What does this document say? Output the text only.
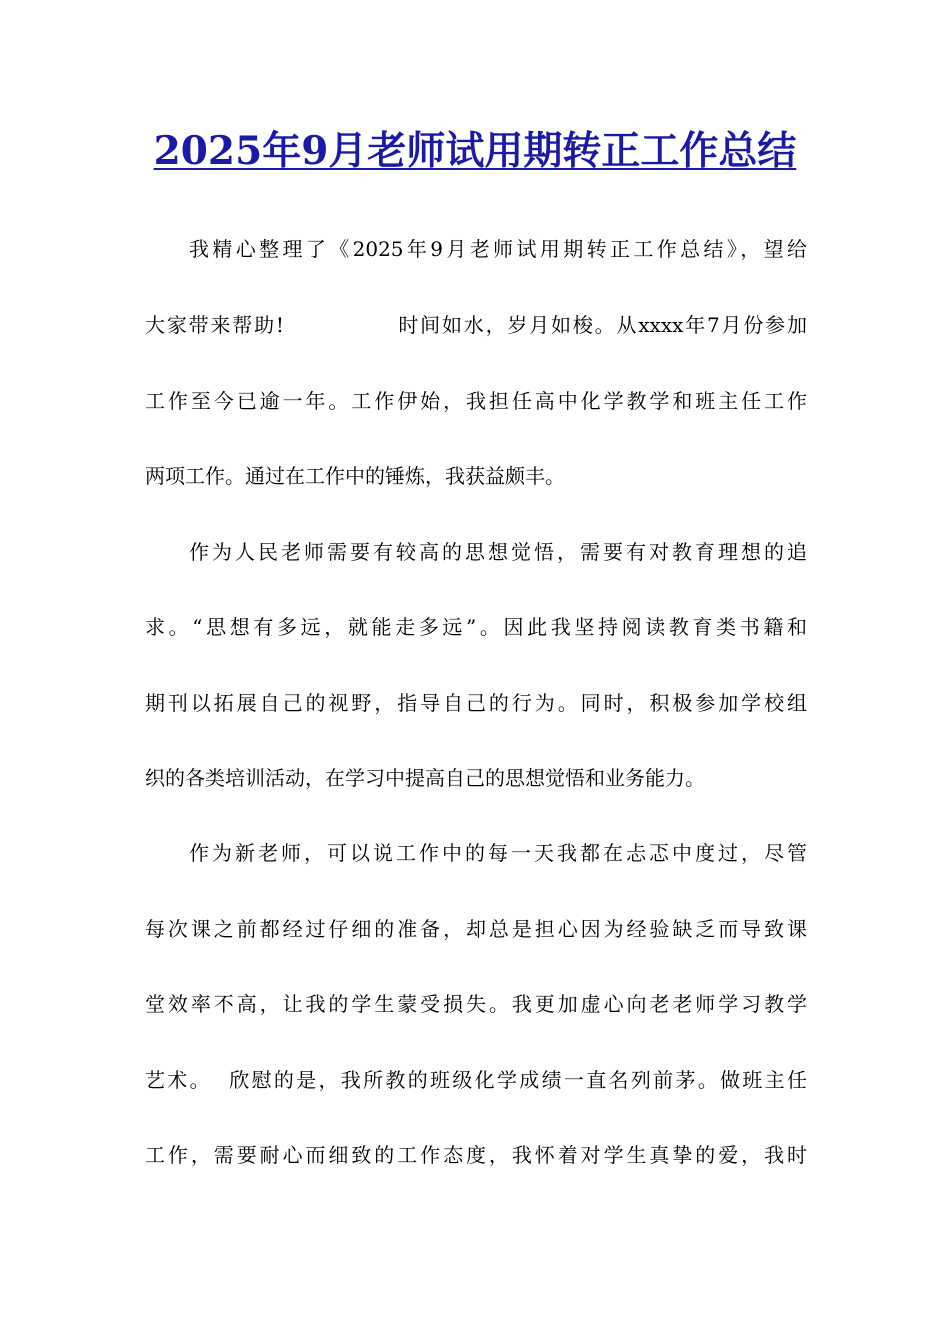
2025年9月老师试用期转正工作总结

我精心整理了《2025年9月老师试用期转正工作总结》，望给

大家带来帮助!              时间如水，岁月如梭。从xxxx年7月份参加

工作至今已逾一年。工作伊始，我担任高中化学教学和班主任工作

两项工作。通过在工作中的锤炼，我获益颇丰。

作为人民老师需要有较高的思想觉悟，需要有对教育理想的追

求。“思想有多远，就能走多远”。因此我坚持阅读教育类书籍和

期刊以拓展自己的视野，指导自己的行为。同时，积极参加学校组

织的各类培训活动，在学习中提高自己的思想觉悟和业务能力。

作为新老师，可以说工作中的每一天我都在忐忑中度过，尽管

每次课之前都经过仔细的准备，却总是担心因为经验缺乏而导致课

堂效率不高，让我的学生蒙受损失。我更加虚心向老老师学习教学

艺术。  欣慰的是，我所教的班级化学成绩一直名列前茅。做班主任

工作，需要耐心而细致的工作态度，我怀着对学生真挚的爱，我时
